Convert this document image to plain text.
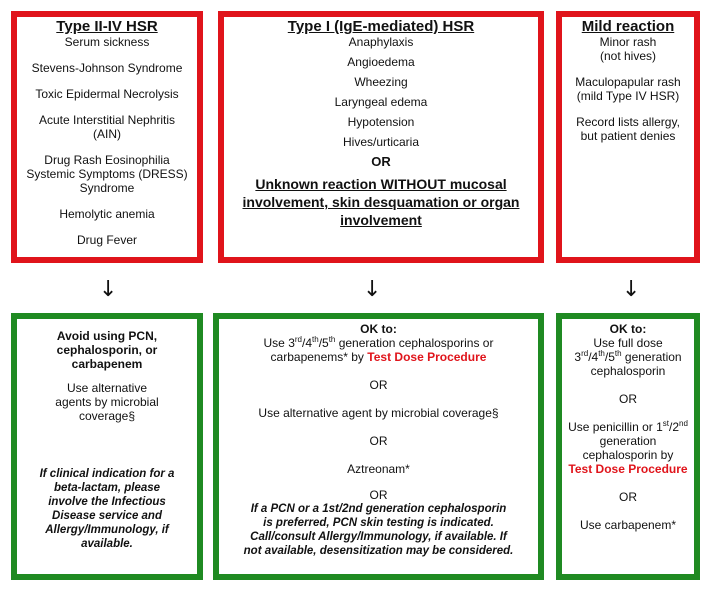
Type II-IV HSR
Serum sickness
Stevens-Johnson Syndrome
Toxic Epidermal Necrolysis
Acute Interstitial Nephritis
(AIN)
Drug Rash Eosinophilia
Systemic Symptoms (DRESS)
Syndrome
Hemolytic anemia
Drug Fever
Type I (IgE-mediated) HSR
Anaphylaxis
Angioedema
Wheezing
Laryngeal edema
Hypotension
Hives/urticaria
OR
Unknown reaction WITHOUT mucosal
involvement, skin desquamation or organ
involvement
Mild reaction
Minor rash
(not hives)
Maculopapular rash
(mild Type IV HSR)
Record lists allergy,
but patient denies
↓	↓	↓
Avoid using PCN,
cephalosporin, or
carbapenem
Use alternative
agents by microbial
coverage§
If clinical indication for a
beta-lactam, please
involve the Infectious
Disease service and
Allergy/Immunology, if
available.
OK to:
Use 3rd/4th/5th generation cephalosporins or
carbapenems* by Test Dose Procedure
OR
Use alternative agent by microbial coverage§
OR
Aztreonam*
OR
If a PCN or a 1st/2nd generation cephalosporin
is preferred, PCN skin testing is indicated.
Call/consult Allergy/Immunology, if available. If
not available, desensitization may be considered.
OK to:
Use full dose
3rd/4th/5th generation
cephalosporin
OR
Use penicillin or 1st/2nd
generation
cephalosporin by
Test Dose Procedure
OR
Use carbapenem*
